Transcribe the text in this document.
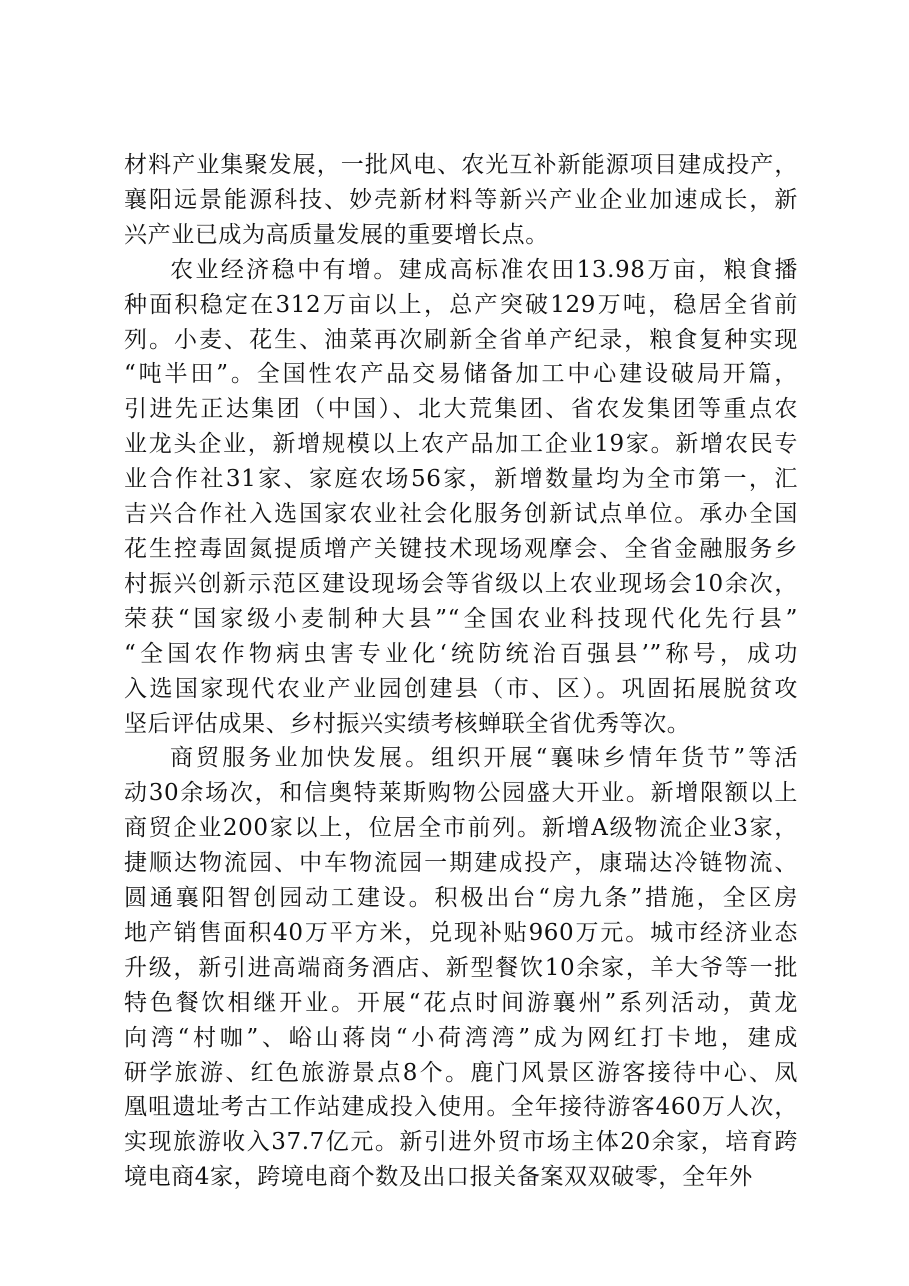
材料产业集聚发展，一批风电、农光互补新能源项目建成投产，
襄阳远景能源科技、妙壳新材料等新兴产业企业加速成长，新
兴产业已成为高质量发展的重要增长点。
农业经济稳中有增。建成高标准农田13.98万亩，粮食播
种面积稳定在312万亩以上，总产突破129万吨，稳居全省前
列。小麦、花生、油菜再次刷新全省单产纪录，粮食复种实现
“吨半田”。全国性农产品交易储备加工中心建设破局开篇，
引进先正达集团（中国）、北大荒集团、省农发集团等重点农
业龙头企业，新增规模以上农产品加工企业19家。新增农民专
业合作社31家、家庭农场56家，新增数量均为全市第一，汇
吉兴合作社入选国家农业社会化服务创新试点单位。承办全国
花生控毒固氮提质增产关键技术现场观摩会、全省金融服务乡
村振兴创新示范区建设现场会等省级以上农业现场会10余次，
荣获“国家级小麦制种大县”“全国农业科技现代化先行县”
“全国农作物病虫害专业化‘统防统治百强县’”称号，成功
入选国家现代农业产业园创建县（市、区）。巩固拓展脱贫攻
坚后评估成果、乡村振兴实绩考核蝉联全省优秀等次。
商贸服务业加快发展。组织开展“襄味乡情年货节”等活
动30余场次，和信奥特莱斯购物公园盛大开业。新增限额以上
商贸企业200家以上，位居全市前列。新增A级物流企业3家，
捷顺达物流园、中车物流园一期建成投产，康瑞达冷链物流、
圆通襄阳智创园动工建设。积极出台“房九条”措施，全区房
地产销售面积40万平方米，兑现补贴960万元。城市经济业态
升级，新引进高端商务酒店、新型餐饮10余家，羊大爷等一批
特色餐饮相继开业。开展“花点时间游襄州”系列活动，黄龙
向湾“村咖”、峪山蒋岗“小荷湾湾”成为网红打卡地，建成
研学旅游、红色旅游景点8个。鹿门风景区游客接待中心、凤
凰咀遗址考古工作站建成投入使用。全年接待游客460万人次，
实现旅游收入37.7亿元。新引进外贸市场主体20余家，培育跨
境电商4家，跨境电商个数及出口报关备案双双破零，全年外
